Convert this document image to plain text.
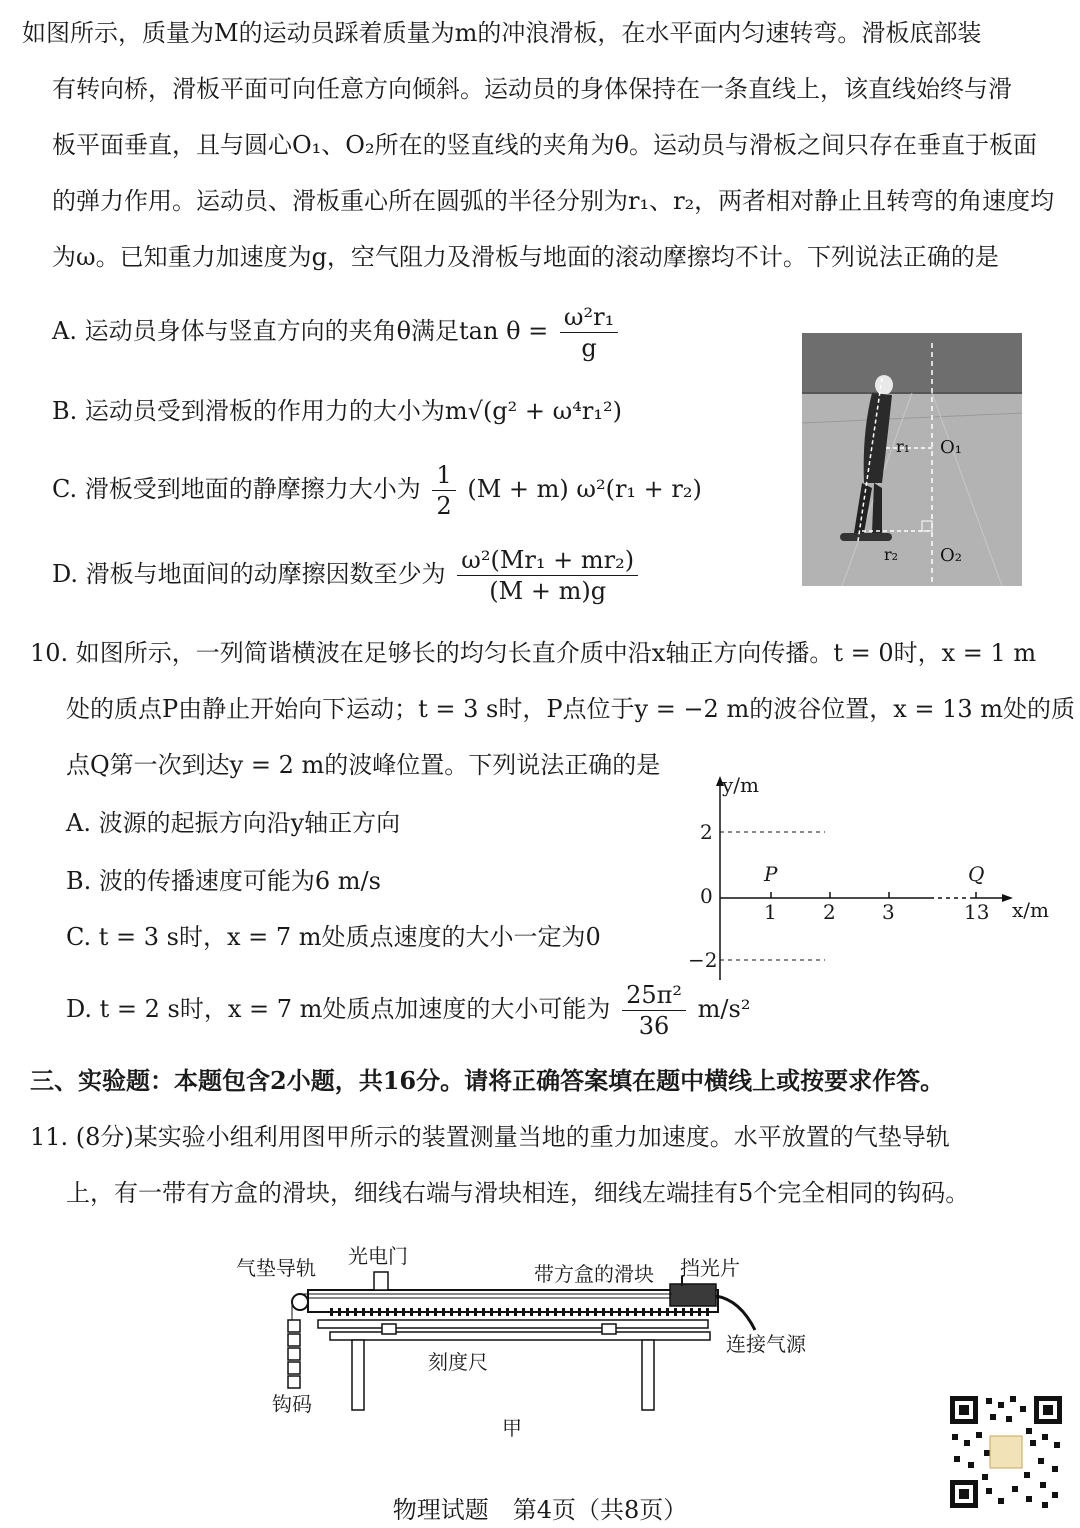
如图所示，质量为M的运动员踩着质量为m的冲浪滑板，在水平面内匀速转弯。滑板底部装
有转向桥，滑板平面可向任意方向倾斜。运动员的身体保持在一条直线上，该直线始终与滑
板平面垂直，且与圆心O₁、O₂所在的竖直线的夹角为θ。运动员与滑板之间只存在垂直于板面
的弹力作用。运动员、滑板重心所在圆弧的半径分别为r₁、r₂，两者相对静止且转弯的角速度均
为ω。已知重力加速度为g，空气阻力及滑板与地面的滚动摩擦均不计。下列说法正确的是
A. 运动员身体与竖直方向的夹角θ满足$\tan \theta = \frac{\text{ω²r₁}}{g}$
B. 运动员受到滑板的作用力的大小为m√(g² + ω⁴r₁²)
C. 滑板受到地面的静摩擦力大小为 $\frac{1}{2} (M + m) \omega^2(r_1 + r_2)$
D. 滑板与地面间的动摩擦因数至少为 $\frac{\text{ω²(Mr₁ + mr₂)}}{(M + m)g}$
r₁ O₁
r₂ O₂
10. 如图所示，一列简谐横波在足够长的均匀长直介质中沿x轴正方向传播。t = 0时，x = 1 m
处的质点P由静止开始向下运动；t = 3 s时，P点位于y = −2 m的波谷位置，x = 13 m处的质
点Q第一次到达y = 2 m的波峰位置。下列说法正确的是
A. 波源的起振方向沿y轴正方向
B. 波的传播速度可能为6 m/s
C. t = 3 s时，x = 7 m处质点速度的大小一定为0
D. t = 2 s时，x = 7 m处质点加速度的大小可能为 $\frac{\text{25π²}}{36} m/s^2$
y/m
x/m
2
0
−2
1 2 3	13
P	Q
三、实验题：本题包含2小题，共16分。请将正确答案填在题中横线上或按要求作答。
11. (8分)某实验小组利用图甲所示的装置测量当地的重力加速度。水平放置的气垫导轨
上，有一带有方盒的滑块，细线右端与滑块相连，细线左端挂有5个完全相同的钩码。
气垫导轨 光电门
带方盒的滑块 挡光片
刻度尺
连接气源
钩码
甲
物理试题　第4页（共8页）
